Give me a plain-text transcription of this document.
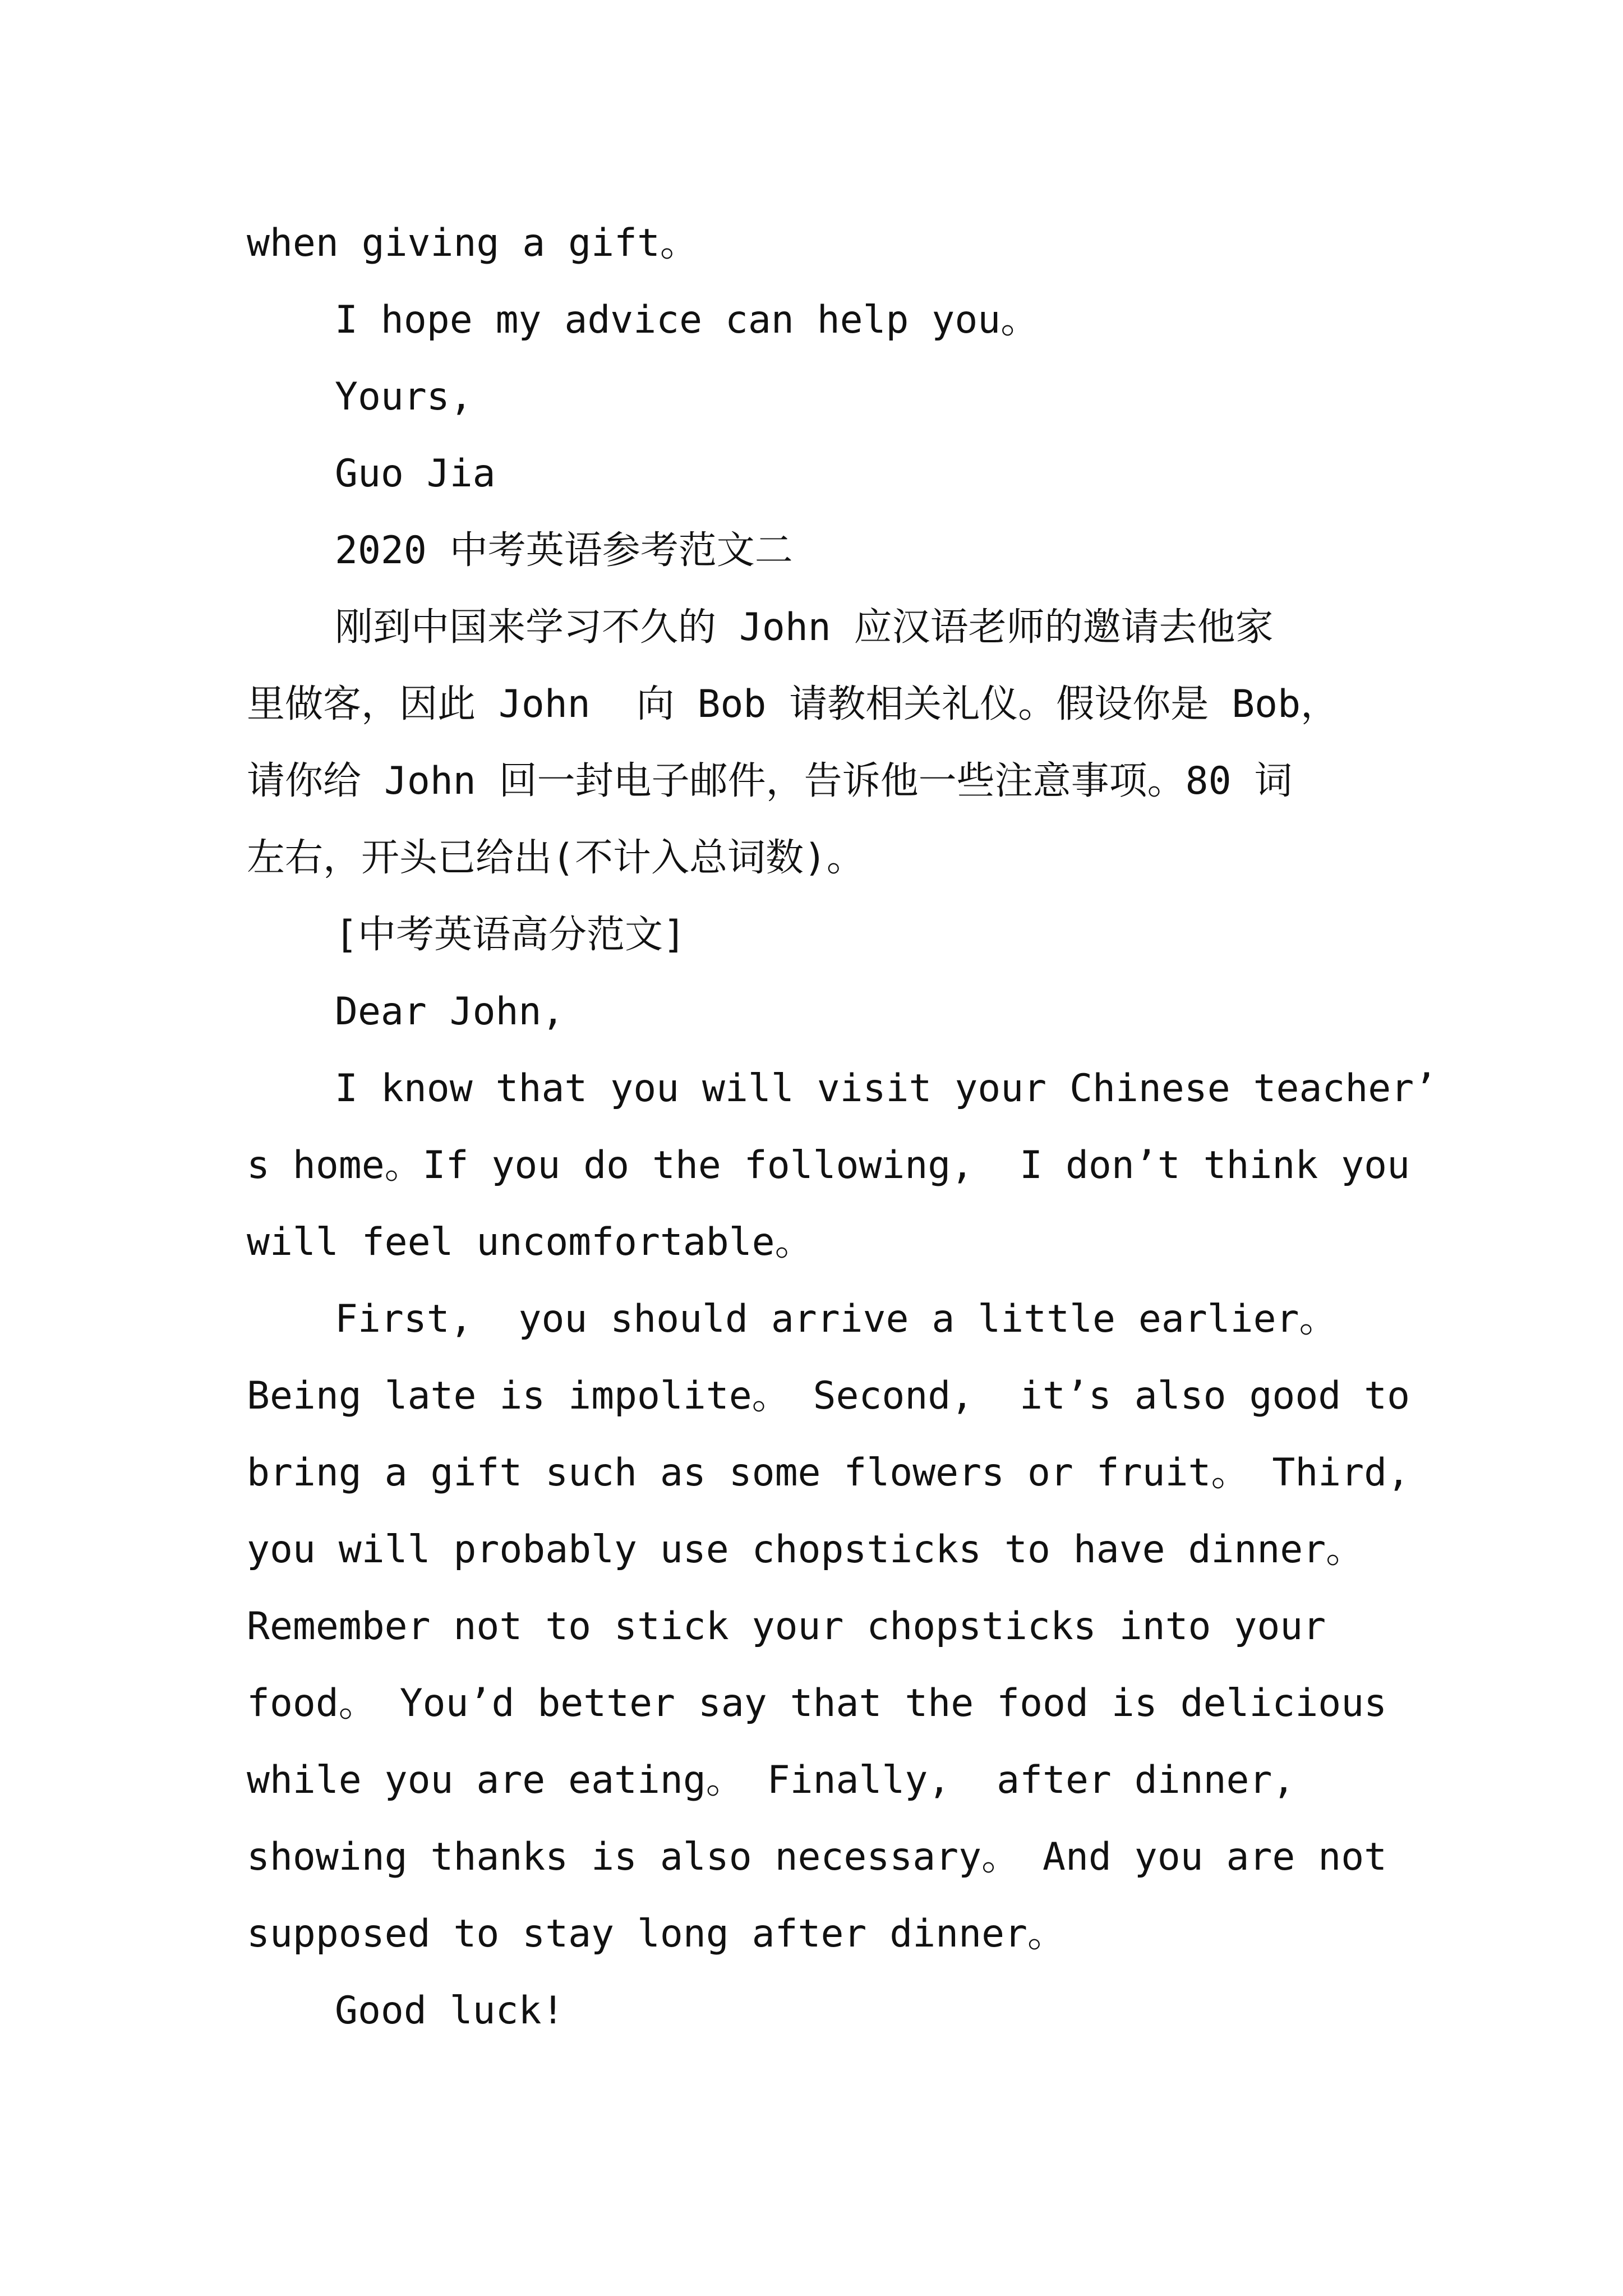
when giving a gift。
I hope my advice can help you。
Yours,
Guo Jia
2020 中考英语参考范文二
刚到中国来学习不久的 John 应汉语老师的邀请去他家
里做客，因此 John  向 Bob 请教相关礼仪。假设你是 Bob，
请你给 John 回一封电子邮件，告诉他一些注意事项。80 词
左右，开头已给出(不计入总词数)。
[中考英语高分范文]
Dear John,
I know that you will visit your Chinese teacher’
s home。If you do the following,  I don’t think you
will feel uncomfortable。
First,  you should arrive a little earlier。
Being late is impolite。 Second,  it’s also good to
bring a gift such as some flowers or fruit。 Third,
you will probably use chopsticks to have dinner。
Remember not to stick your chopsticks into your
food。 You’d better say that the food is delicious
while you are eating。 Finally,  after dinner,
showing thanks is also necessary。 And you are not
supposed to stay long after dinner。
Good luck!
